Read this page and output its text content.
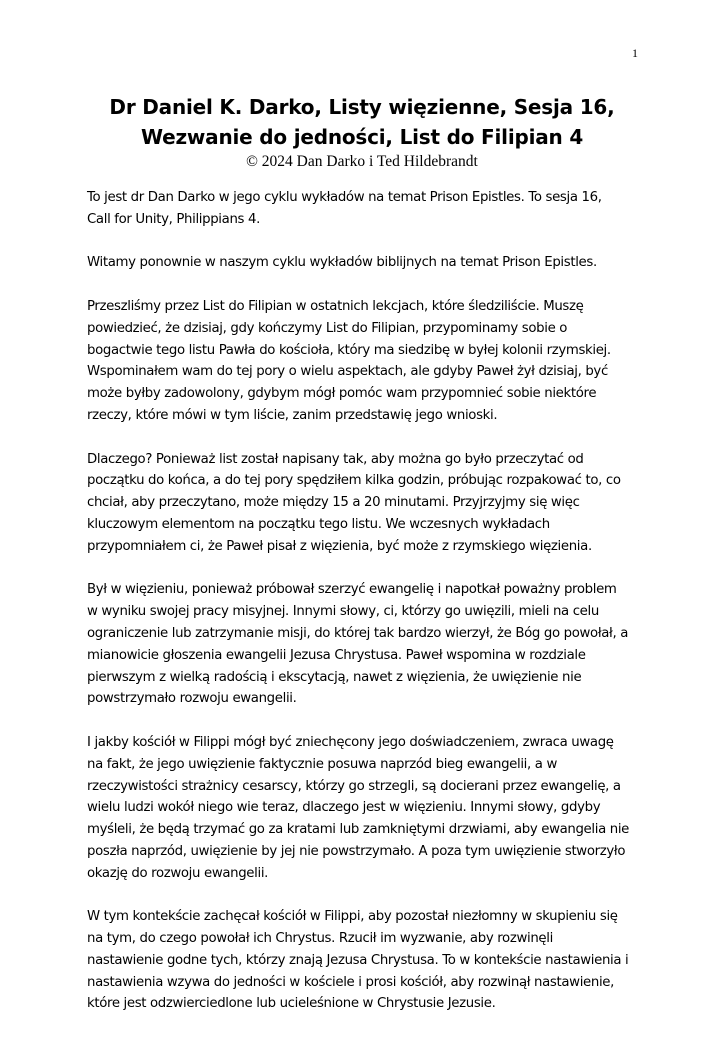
1
Dr Daniel K. Darko, Listy więzienne, Sesja 16,
Wezwanie do jedności, List do Filipian 4
© 2024 Dan Darko i Ted Hildebrandt

To jest dr Dan Darko w jego cyklu wykładów na temat Prison Epistles. To sesja 16,
Call for Unity, Philippians 4.

Witamy ponownie w naszym cyklu wykładów biblijnych na temat Prison Epistles.

Przeszliśmy przez List do Filipian w ostatnich lekcjach, które śledziliście. Muszę
powiedzieć, że dzisiaj, gdy kończymy List do Filipian, przypominamy sobie o
bogactwie tego listu Pawła do kościoła, który ma siedzibę w byłej kolonii rzymskiej.
Wspominałem wam do tej pory o wielu aspektach, ale gdyby Paweł żył dzisiaj, być
może byłby zadowolony, gdybym mógł pomóc wam przypomnieć sobie niektóre
rzeczy, które mówi w tym liście, zanim przedstawię jego wnioski.

Dlaczego? Ponieważ list został napisany tak, aby można go było przeczytać od
początku do końca, a do tej pory spędziłem kilka godzin, próbując rozpakować to, co
chciał, aby przeczytano, może między 15 a 20 minutami. Przyjrzyjmy się więc
kluczowym elementom na początku tego listu. We wczesnych wykładach
przypomniałem ci, że Paweł pisał z więzienia, być może z rzymskiego więzienia.

Był w więzieniu, ponieważ próbował szerzyć ewangelię i napotkał poważny problem
w wyniku swojej pracy misyjnej. Innymi słowy, ci, którzy go uwięzili, mieli na celu
ograniczenie lub zatrzymanie misji, do której tak bardzo wierzył, że Bóg go powołał, a
mianowicie głoszenia ewangelii Jezusa Chrystusa. Paweł wspomina w rozdziale
pierwszym z wielką radością i ekscytacją, nawet z więzienia, że uwięzienie nie
powstrzymało rozwoju ewangelii.

I jakby kościół w Filippi mógł być zniechęcony jego doświadczeniem, zwraca uwagę
na fakt, że jego uwięzienie faktycznie posuwa naprzód bieg ewangelii, a w
rzeczywistości strażnicy cesarscy, którzy go strzegli, są docierani przez ewangelię, a
wielu ludzi wokół niego wie teraz, dlaczego jest w więzieniu. Innymi słowy, gdyby
myśleli, że będą trzymać go za kratami lub zamkniętymi drzwiami, aby ewangelia nie
poszła naprzód, uwięzienie by jej nie powstrzymało. A poza tym uwięzienie stworzyło
okazję do rozwoju ewangelii.

W tym kontekście zachęcał kościół w Filippi, aby pozostał niezłomny w skupieniu się
na tym, do czego powołał ich Chrystus. Rzucił im wyzwanie, aby rozwinęli
nastawienie godne tych, którzy znają Jezusa Chrystusa. To w kontekście nastawienia i
nastawienia wzywa do jedności w kościele i prosi kościół, aby rozwinął nastawienie,
które jest odzwierciedlone lub ucieleśnione w Chrystusie Jezusie.
